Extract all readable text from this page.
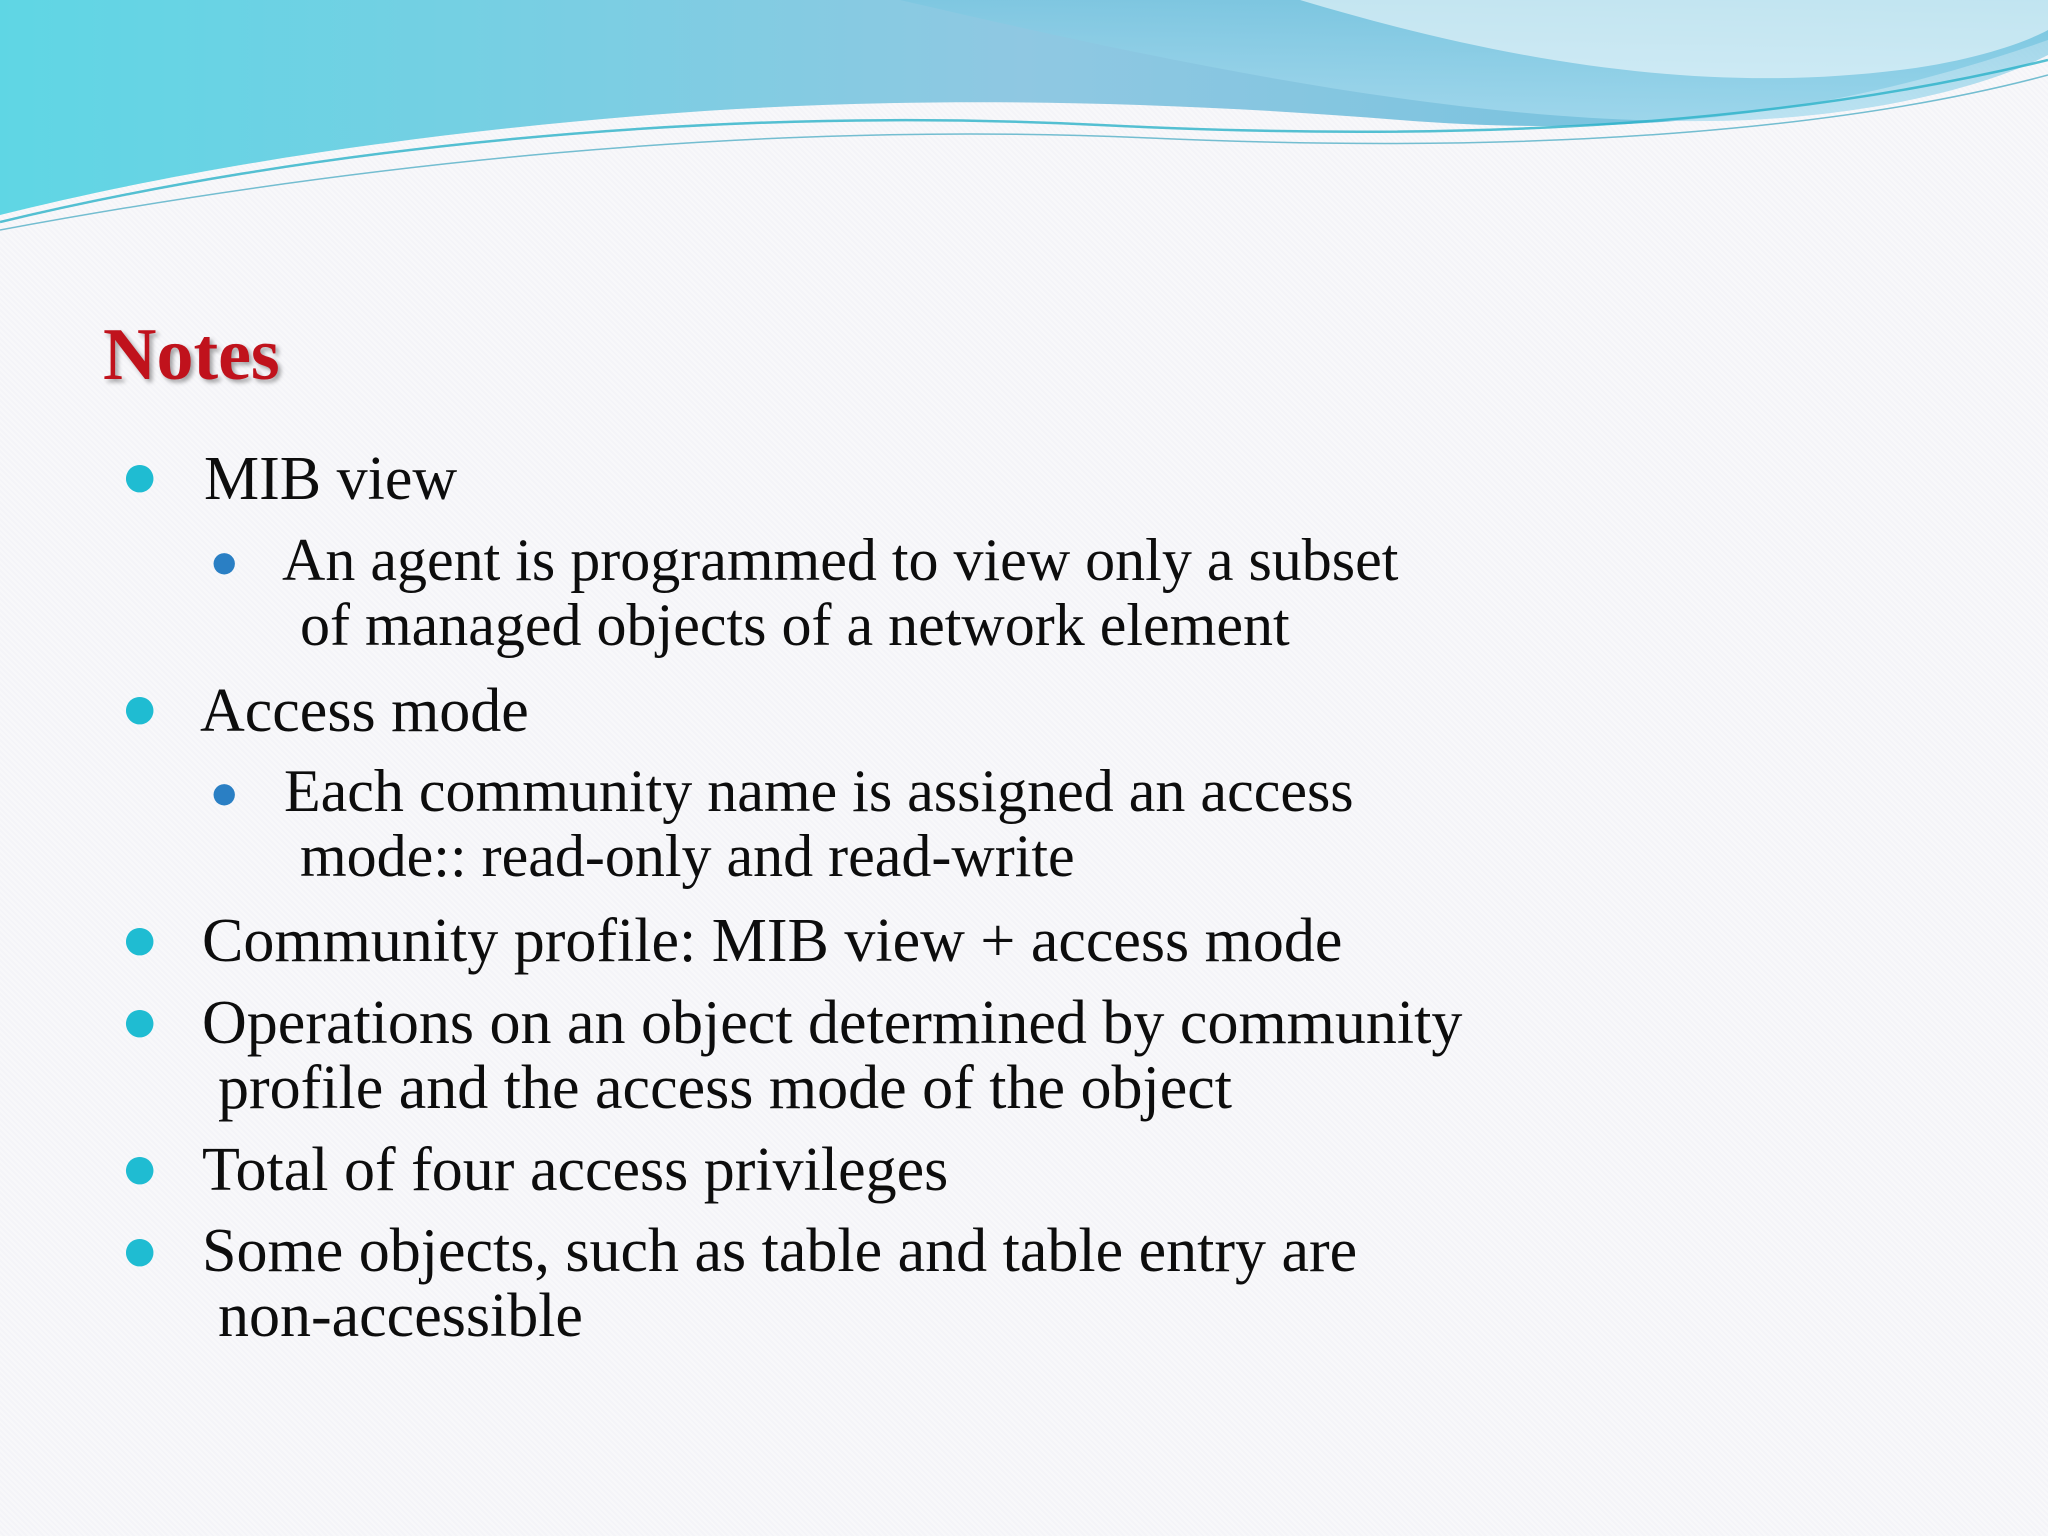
Notes
● MIB view
● An agent is programmed to view only a subset
of managed objects of a network element
● Access mode
● Each community name is assigned an access
mode:: read-only and read-write
● Community profile: MIB view + access mode
● Operations on an object determined by community
profile and the access mode of the object
● Total of four access privileges
● Some objects, such as table and table entry are
non-accessible
